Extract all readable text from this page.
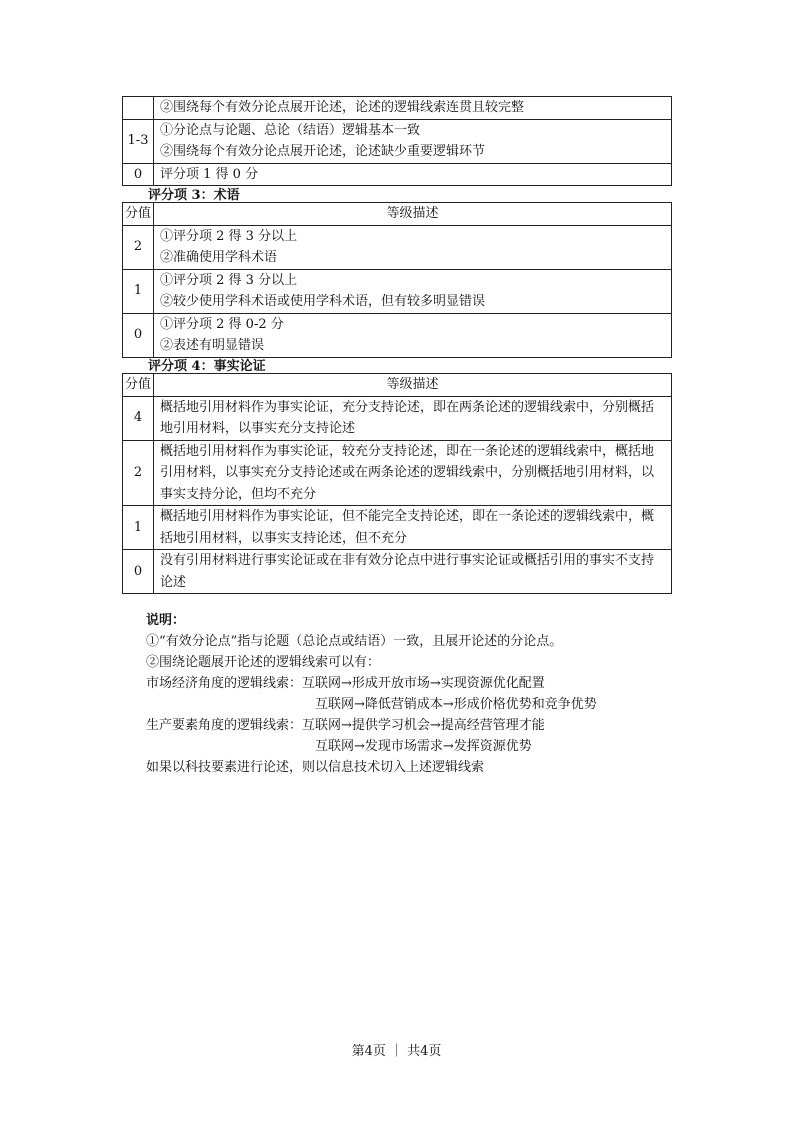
	②围绕每个有效分论点展开论述，论述的逻辑线索连贯且较完整

1-3	①分论点与论题、总论（结语）逻辑基本一致
②围绕每个有效分论点展开论述，论述缺少重要逻辑环节

0	评分项 1 得 0 分
评分项 3：术语
分值	等级描述
2	①评分项 2 得 3 分以上
②准确使用学科术语

1	①评分项 2 得 3 分以上
②较少使用学科术语或使用学科术语，但有较多明显错误

0	①评分项 2 得 0-2 分
②表述有明显错误
评分项 4：事实论证
分值	等级描述
4	概括地引用材料作为事实论证，充分支持论述，即在两条论述的逻辑线索中，分别概括地引用材料，以事实充分支持论述
2	概括地引用材料作为事实论证，较充分支持论述，即在一条论述的逻辑线索中，概括地引用材料，以事实充分支持论述或在两条论述的逻辑线索中，分别概括地引用材料，以事实支持分论，但均不充分
1	概括地引用材料作为事实论证，但不能完全支持论述，即在一条论述的逻辑线索中，概括地引用材料，以事实支持论述，但不充分
0	没有引用材料进行事实论证或在非有效分论点中进行事实论证或概括引用的事实不支持论述
说明：
①“有效分论点”指与论题（总论点或结语）一致，且展开论述的分论点。
②围绕论题展开论述的逻辑线索可以有：
市场经济角度的逻辑线索：互联网→形成开放市场→实现资源优化配置
互联网→降低营销成本→形成价格优势和竞争优势
生产要素角度的逻辑线索：互联网→提供学习机会→提高经营管理才能
互联网→发现市场需求→发挥资源优势
如果以科技要素进行论述，则以信息技术切入上述逻辑线索
第4页 ｜ 共4页
